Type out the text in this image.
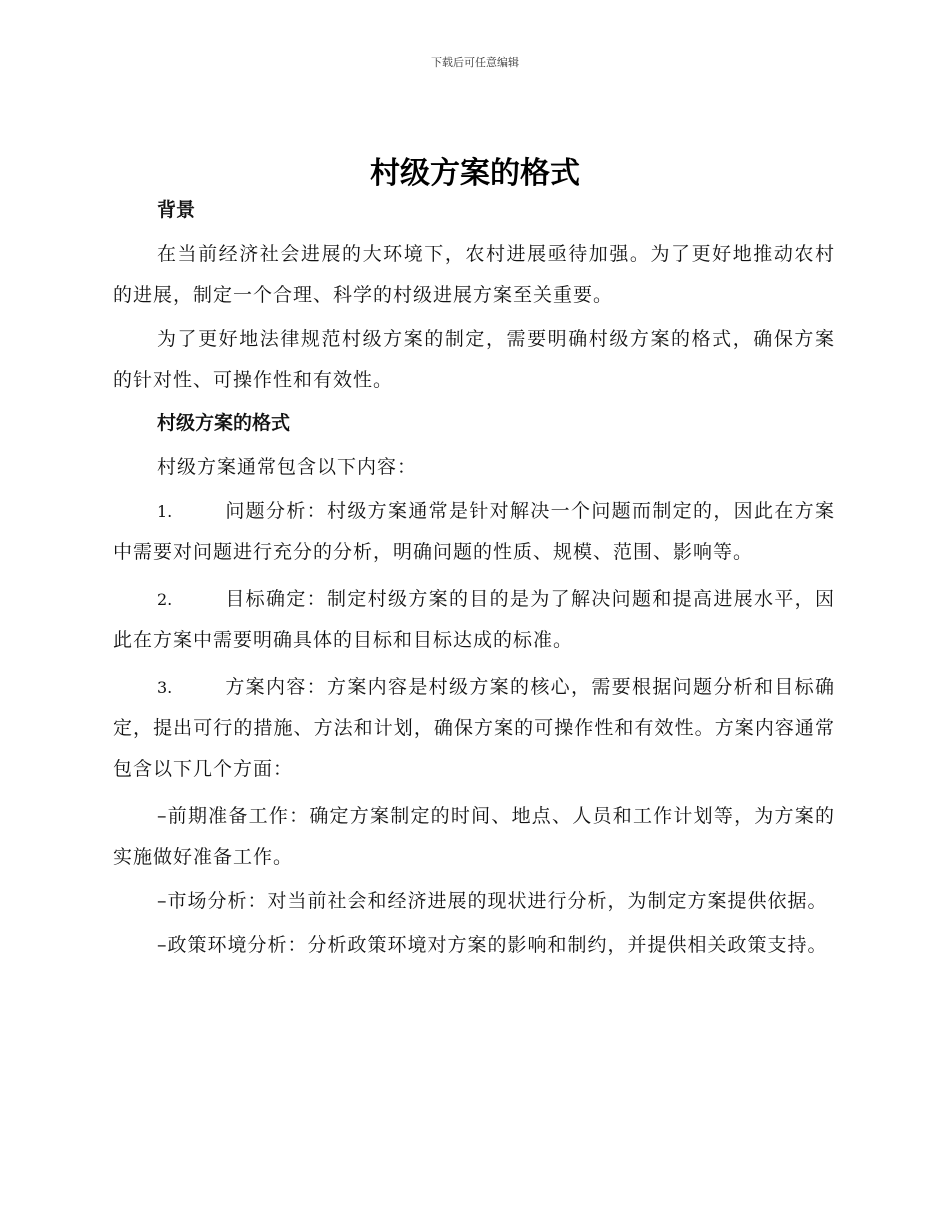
下载后可任意编辑
村级方案的格式
背景

在当前经济社会进展的大环境下，农村进展亟待加强。为了更好地推动农村的进展，制定一个合理、科学的村级进展方案至关重要。

为了更好地法律规范村级方案的制定，需要明确村级方案的格式，确保方案的针对性、可操作性和有效性。

村级方案的格式

村级方案通常包含以下内容：

1.	问题分析：村级方案通常是针对解决一个问题而制定的，因此在方案中需要对问题进行充分的分析，明确问题的性质、规模、范围、影响等。

2.	目标确定：制定村级方案的目的是为了解决问题和提高进展水平，因此在方案中需要明确具体的目标和目标达成的标准。

3.	方案内容：方案内容是村级方案的核心，需要根据问题分析和目标确定，提出可行的措施、方法和计划，确保方案的可操作性和有效性。方案内容通常包含以下几个方面：

–前期准备工作：确定方案制定的时间、地点、人员和工作计划等，为方案的实施做好准备工作。

–市场分析：对当前社会和经济进展的现状进行分析，为制定方案提供依据。

–政策环境分析：分析政策环境对方案的影响和制约，并提供相关政策支持。
